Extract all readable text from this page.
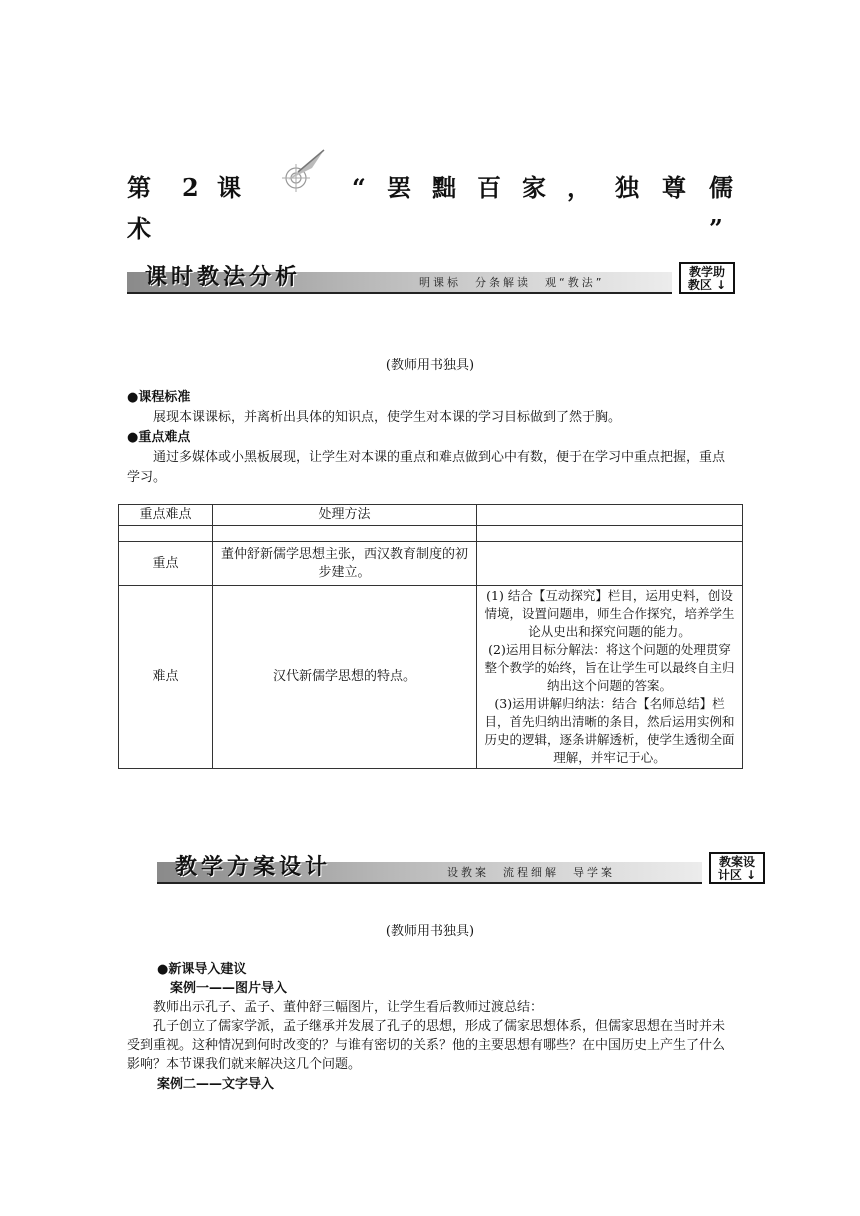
第 2 课	“ 罢 黜 百 家 ， 独 尊 儒
术	”
课时教法分析	明课标　分条解读　观“教法”
教学助
教区 ↓
(教师用书独具)
●课程标准
展现本课课标，并离析出具体的知识点，使学生对本课的学习目标做到了然于胸。
●重点难点
通过多媒体或小黑板展现，让学生对本课的重点和难点做到心中有数，便于在学习中重点把握，重点学习。
重点难点	处理方法	

重点	董仲舒新儒学思想主张，西汉教育制度的初步建立。	
难点	汉代新儒学思想的特点。	(1) 结合【互动探究】栏目，运用史料，创设情境，设置问题串，师生合作探究，培养学生论从史出和探究问题的能力。
(2)运用目标分解法：将这个问题的处理贯穿整个教学的始终，旨在让学生可以最终自主归纳出这个问题的答案。
(3)运用讲解归纳法：结合【名师总结】栏目，首先归纳出清晰的条目，然后运用实例和历史的逻辑，逐条讲解透析，使学生透彻全面理解，并牢记于心。
教学方案设计	设教案　流程细解　导学案
教案设
计区 ↓
(教师用书独具)
●新课导入建议
案例一——图片导入
教师出示孔子、孟子、董仲舒三幅图片，让学生看后教师过渡总结：
孔子创立了儒家学派，孟子继承并发展了孔子的思想，形成了儒家思想体系，但儒家思想在当时并未受到重视。这种情况到何时改变的？与谁有密切的关系？他的主要思想有哪些？在中国历史上产生了什么影响？本节课我们就来解决这几个问题。
案例二——文字导入
